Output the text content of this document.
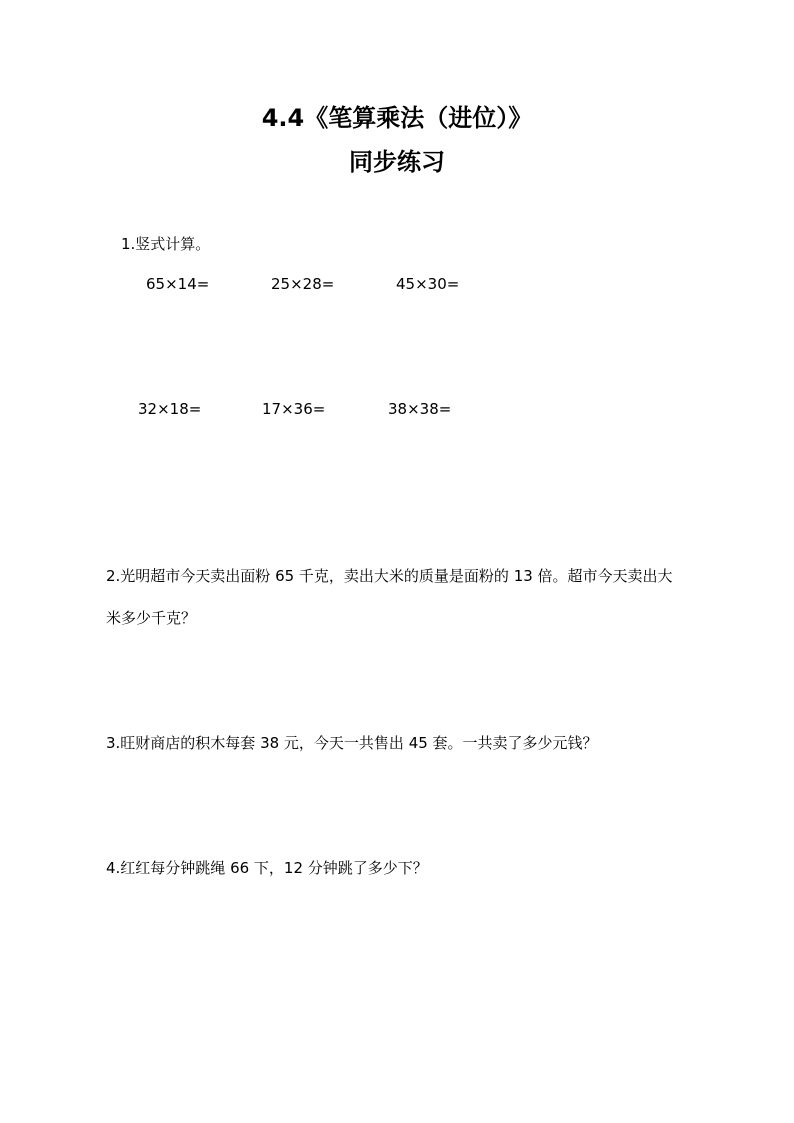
4.4《笔算乘法（进位）》
同步练习
1.竖式计算。
65×14=	25×28=	45×30=
32×18=	17×36=	38×38=
2.光明超市今天卖出面粉 65 千克，卖出大米的质量是面粉的 13 倍。超市今天卖出大
米多少千克？
3.旺财商店的积木每套 38 元，今天一共售出 45 套。一共卖了多少元钱？
4.红红每分钟跳绳 66 下，12 分钟跳了多少下？
